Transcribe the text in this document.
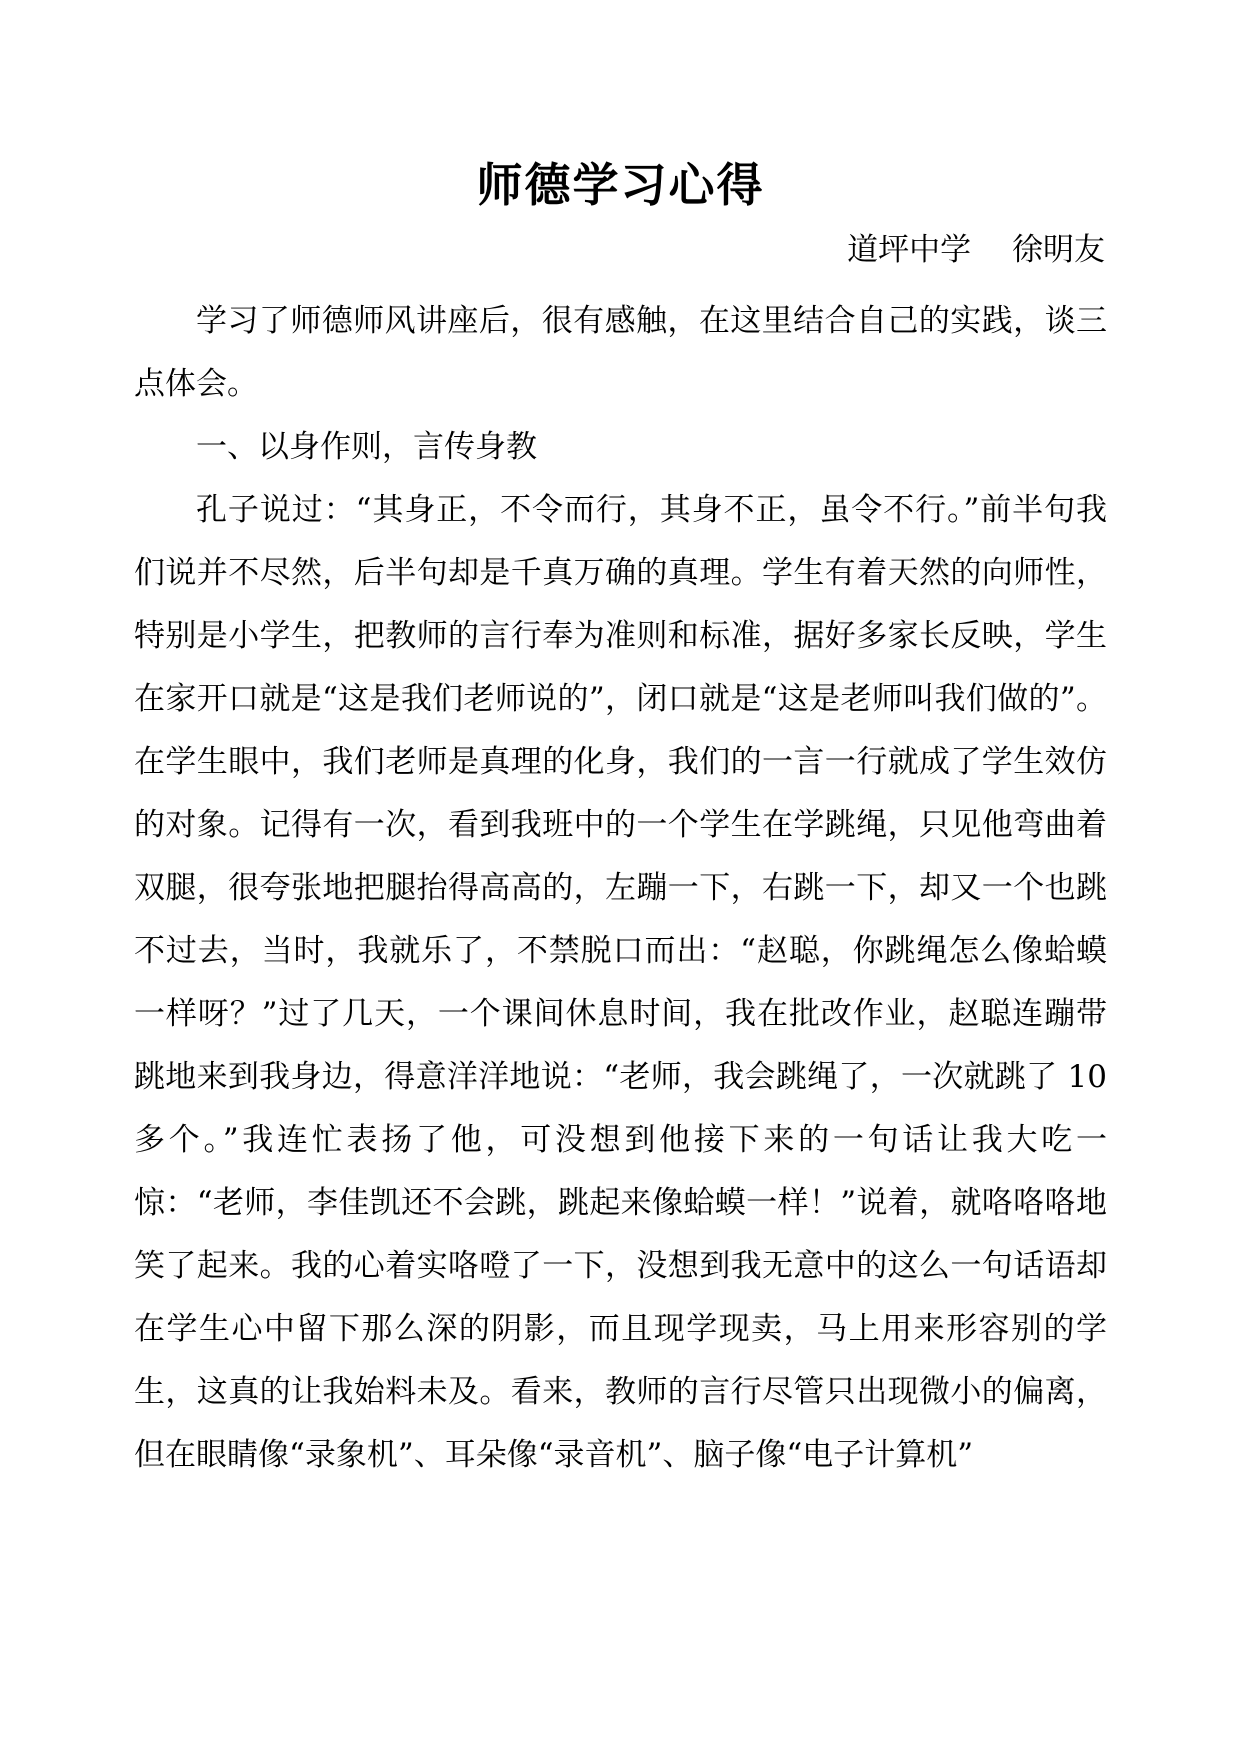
师德学习心得
道坪中学　 徐明友

学习了师德师风讲座后，很有感触，在这里结合自己的实践，谈三点体会。

一、以身作则，言传身教

孔子说过：“其身正，不令而行，其身不正，虽令不行。”前半句我们说并不尽然，后半句却是千真万确的真理。学生有着天然的向师性，特别是小学生，把教师的言行奉为准则和标准，据好多家长反映，学生在家开口就是“这是我们老师说的”，闭口就是“这是老师叫我们做的”。在学生眼中，我们老师是真理的化身，我们的一言一行就成了学生效仿的对象。记得有一次，看到我班中的一个学生在学跳绳，只见他弯曲着双腿，很夸张地把腿抬得高高的，左蹦一下，右跳一下，却又一个也跳不过去，当时，我就乐了，不禁脱口而出：“赵聪，你跳绳怎么像蛤蟆一样呀？”过了几天，一个课间休息时间，我在批改作业，赵聪连蹦带跳地来到我身边，得意洋洋地说：“老师，我会跳绳了，一次就跳了 10 多个。”我连忙表扬了他，可没想到他接下来的一句话让我大吃一惊：“老师，李佳凯还不会跳，跳起来像蛤蟆一样！”说着，就咯咯咯地笑了起来。我的心着实咯噔了一下，没想到我无意中的这么一句话语却在学生心中留下那么深的阴影，而且现学现卖，马上用来形容别的学生，这真的让我始料未及。看来，教师的言行尽管只出现微小的偏离，但在眼睛像“录象机”、耳朵像“录音机”、脑子像“电子计算机”
